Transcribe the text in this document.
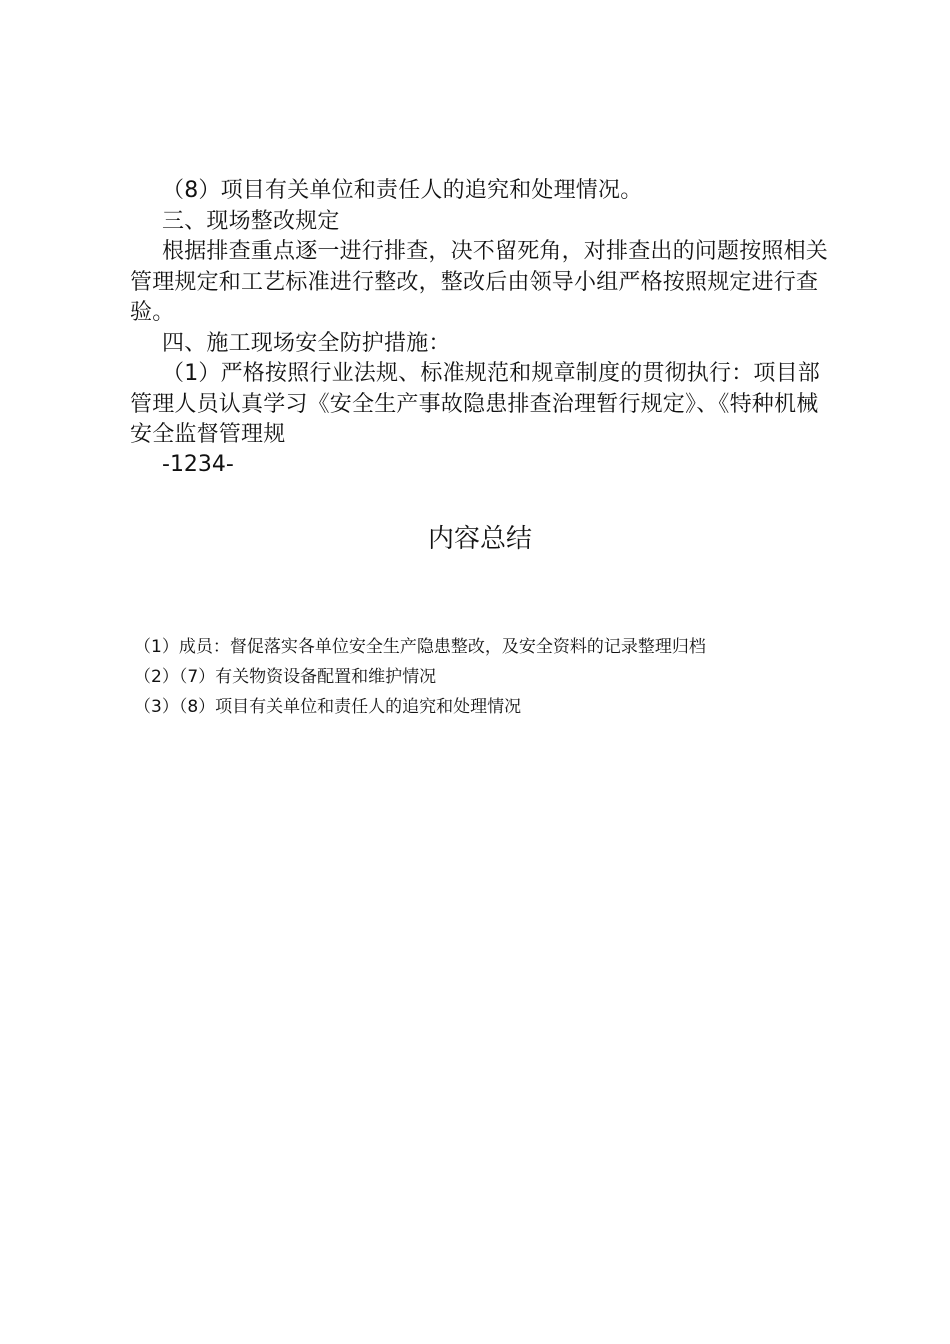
（8）项目有关单位和责任人的追究和处理情况。

三、现场整改规定

根据排查重点逐一进行排查，决不留死角，对排查出的问题按照相关管理规定和工艺标准进行整改，整改后由领导小组严格按照规定进行查验。

四、施工现场安全防护措施：

（1）严格按照行业法规、标准规范和规章制度的贯彻执行：项目部管理人员认真学习《安全生产事故隐患排查治理暂行规定》、《特种机械安全监督管理规

-1234-
内容总结

（1）成员：督促落实各单位安全生产隐患整改，及安全资料的记录整理归档

（2）（7）有关物资设备配置和维护情况

（3）（8）项目有关单位和责任人的追究和处理情况
